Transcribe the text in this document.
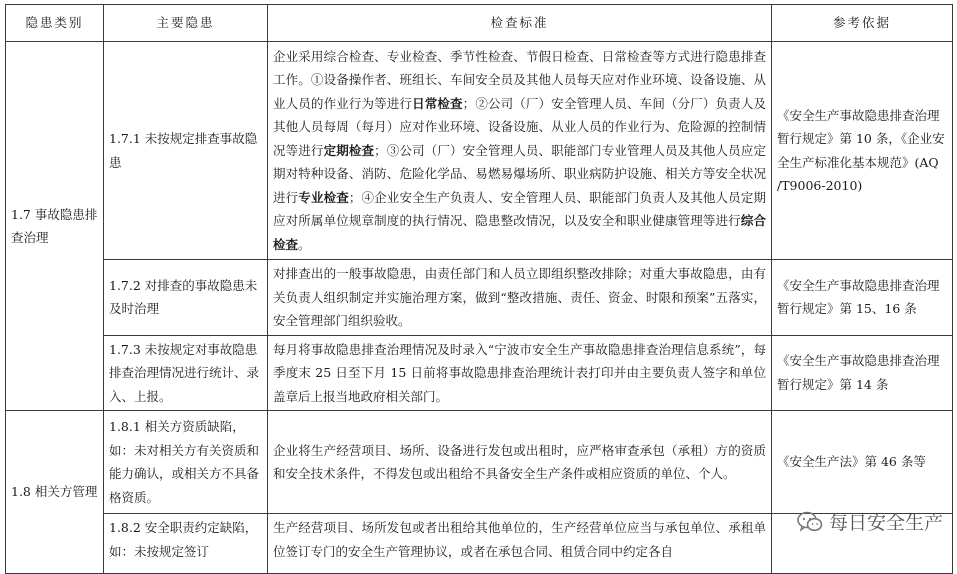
隐患类别	主要隐患	检查标准	参考依据
1.7 事故隐患排查治理	1.7.1 未按规定排查事故隐患	企业采用综合检查、专业检查、季节性检查、节假日检查、日常检查等方式进行隐患排查工作。①设备操作者、班组长、车间安全员及其他人员每天应对作业环境、设备设施、从业人员的作业行为等进行日常检查；②公司（厂）安全管理人员、车间（分厂）负责人及其他人员每周（每月）应对作业环境、设备设施、从业人员的作业行为、危险源的控制情况等进行定期检查；③公司（厂）安全管理人员、职能部门专业管理人员及其他人员应定期对特种设备、消防、危险化学品、易燃易爆场所、职业病防护设施、相关方等安全状况进行专业检查；④企业安全生产负责人、安全管理人员、职能部门负责人及其他人员定期应对所属单位规章制度的执行情况、隐患整改情况，以及安全和职业健康管理等进行综合检查。	《安全生产事故隐患排查治理暂行规定》第 10 条，《企业安全生产标准化基本规范》(AQ /T9006-2010)
	1.7.2 对排查的事故隐患未及时治理	对排查出的一般事故隐患，由责任部门和人员立即组织整改排除；对重大事故隐患，由有关负责人组织制定并实施治理方案，做到“整改措施、责任、资金、时限和预案”五落实，安全管理部门组织验收。	《安全生产事故隐患排查治理暂行规定》第 15、16 条
	1.7.3 未按规定对事故隐患排查治理情况进行统计、录入、上报。	每月将事故隐患排查治理情况及时录入“宁波市安全生产事故隐患排查治理信息系统”，每季度末 25 日至下月 15 日前将事故隐患排查治理统计表打印并由主要负责人签字和单位盖章后上报当地政府相关部门。	《安全生产事故隐患排查治理暂行规定》第 14 条
1.8 相关方管理	1.8.1 相关方资质缺陷，如：未对相关方有关资质和能力确认，或相关方不具备格资质。	企业将生产经营项目、场所、设备进行发包或出租时，应严格审查承包（承租）方的资质和安全技术条件，不得发包或出租给不具备安全生产条件或相应资质的单位、个人。	《安全生产法》第 46 条等
	1.8.2 安全职责约定缺陷，如：未按规定签订	生产经营项目、场所发包或者出租给其他单位的，生产经营单位应当与承包单位、承租单位签订专门的安全生产管理协议，或者在承包合同、租赁合同中约定各自	
每日安全生产
